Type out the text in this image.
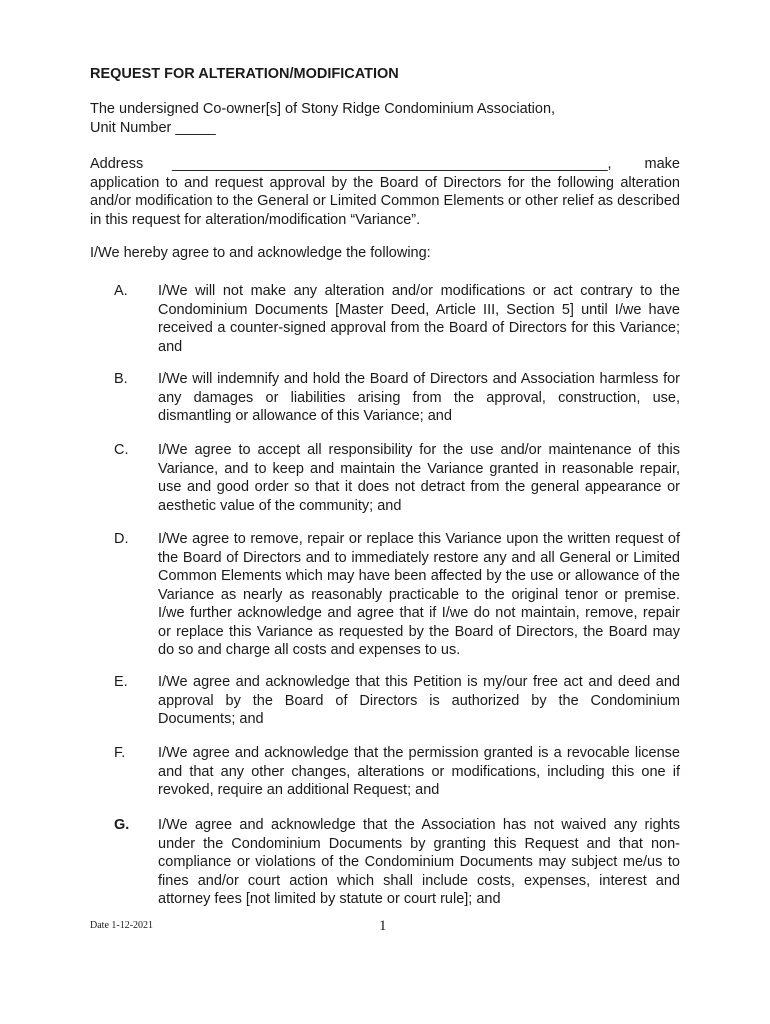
REQUEST FOR ALTERATION/MODIFICATION

The undersigned Co-owner[s] of Stony Ridge Condominium Association,

Unit Number _____

Address       ______________________________________________________,        make application to and request approval by the Board of Directors for the following alteration and/or modification to the General or Limited Common Elements or other relief as described in this request for alteration/modification “Variance”.
I/We hereby agree to and acknowledge the following:
A. I/We will not make any alteration and/or modifications or act contrary to the Condominium Documents [Master Deed, Article III, Section 5] until I/we have received a counter-signed approval from the Board of Directors for this Variance; and
B. I/We will indemnify and hold the Board of Directors and Association harmless for any damages or liabilities arising from the approval, construction, use, dismantling or allowance of this Variance; and
C. I/We agree to accept all responsibility for the use and/or maintenance of this Variance, and to keep and maintain the Variance granted in reasonable repair, use and good order so that it does not detract from the general appearance or aesthetic value of the community; and
D. I/We agree to remove, repair or replace this Variance upon the written request of the Board of Directors and to immediately restore any and all General or Limited Common Elements which may have been affected by the use or allowance of the Variance as nearly as reasonably practicable to the original tenor or premise. I/we further acknowledge and agree that if I/we do not maintain, remove, repair or replace this Variance as requested by the Board of Directors, the Board may do so and charge all costs and expenses to us.
E. I/We agree and acknowledge that this Petition is my/our free act and deed and approval by the Board of Directors is authorized by the Condominium Documents; and
F. I/We agree and acknowledge that the permission granted is a revocable license and that any other changes, alterations or modifications, including this one if revoked, require an additional Request; and
G. I/We agree and acknowledge that the Association has not waived any rights under the Condominium Documents by granting this Request and that non-compliance or violations of the Condominium Documents may subject me/us to fines and/or court action which shall include costs, expenses, interest and attorney fees [not limited by statute or court rule]; and
Date 1-12-2021	1
